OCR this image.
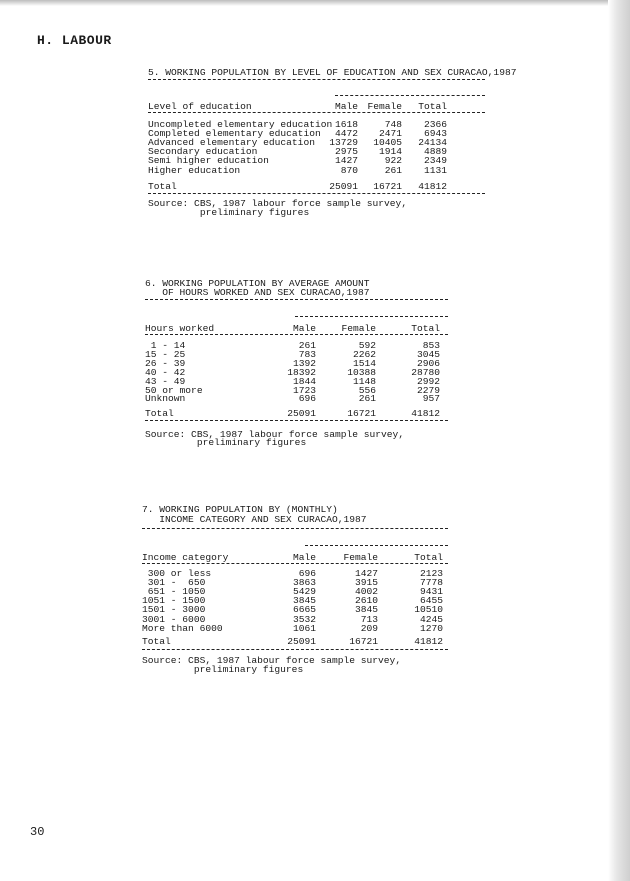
H. LABOUR
30
5. WORKING POPULATION BY LEVEL OF EDUCATION AND SEX CURACAO,1987
Level of education	Male Female	Total
Uncompleted elementary education 1618	748	2366
Completed elementary education	4472	2471	6943
Advanced elementary education	13729	10405	24134
Secondary education	2975	1914	4889
Semi higher education	1427	922	2349
Higher education	870	261	1131
Total	25091	16721	41812
Source: CBS, 1987 labour force sample survey,
preliminary figures
6. WORKING POPULATION BY AVERAGE AMOUNT
OF HOURS WORKED AND SEX CURACAO,1987
Hours worked	Male	Female	Total
1 - 14	261	592	853
15 - 25	783	2262	3045
26 - 39	1392	1514	2906
40 - 42	18392	10388	28780
43 - 49	1844	1148	2992
50 or more	1723	556	2279
Unknown	696	261	957
Total	25091	16721	41812
Source: CBS, 1987 labour force sample survey,
preliminary figures
7. WORKING POPULATION BY (MONTHLY)
INCOME CATEGORY AND SEX CURACAO,1987
Income category	Male	Female	Total
300 or less	696	1427	2123
301 -  650	3863	3915	7778
651 - 1050	5429	4002	9431
1051 - 1500	3845	2610	6455
1501 - 3000	6665	3845	10510
3001 - 6000	3532	713	4245
More than 6000	1061	209	1270
Total	25091	16721	41812
Source: CBS, 1987 labour force sample survey,
preliminary figures
